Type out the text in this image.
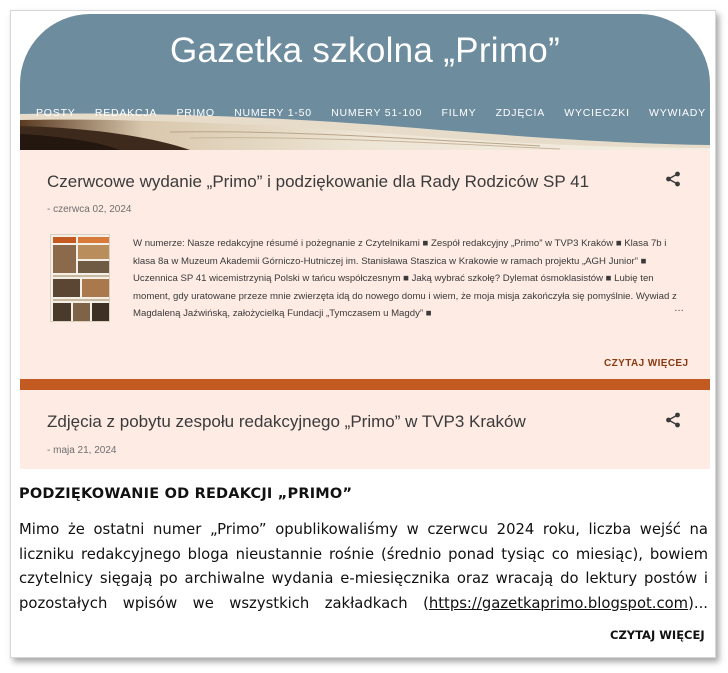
Gazetka szkolna „Primo”
POSTY REDAKCJA PRIMO NUMERY 1-50 NUMERY 51-100 FILMY ZDJĘCIA WYCIECZKI WYWIADY
Czerwcowe wydanie „Primo” i podziękowanie dla Rady Rodziców SP 41
- czerwca 02, 2024
W numerze: Nasze redakcyjne résumé i pożegnanie z Czytelnikami ■ Zespół redakcyjny „Primo” w TVP3 Kraków ■ Klasa 7b i klasa 8a w Muzeum Akademii Górniczo-Hutniczej im. Stanisława Staszica w Krakowie w ramach projektu „AGH Junior” ■ Uczennica SP 41 wicemistrzynią Polski w tańcu współczesnym ■ Jaką wybrać szkołę? Dylemat ósmoklasistów ■ Lubię ten moment, gdy uratowane przeze mnie zwierzęta idą do nowego domu i wiem, że moja misja zakończyła się pomyślnie. Wywiad z Magdaleną Jaźwińską, założycielką Fundacji „Tymczasem u Magdy” ■	…
CZYTAJ WIĘCEJ
Zdjęcia z pobytu zespołu redakcyjnego „Primo” w TVP3 Kraków
- maja 21, 2024
PODZIĘKOWANIE OD REDAKCJI „PRIMO”
Mimo że ostatni numer „Primo” opublikowaliśmy w czerwcu 2024 roku, liczba wejść na liczniku redakcyjnego bloga nieustannie rośnie (średnio ponad tysiąc co miesiąc), bowiem czytelnicy sięgają po archiwalne wydania e-miesięcznika oraz wracają do lektury postów i pozostałych wpisów we wszystkich zakładkach (https://gazetkaprimo.blogspot.com)...
CZYTAJ WIĘCEJ
